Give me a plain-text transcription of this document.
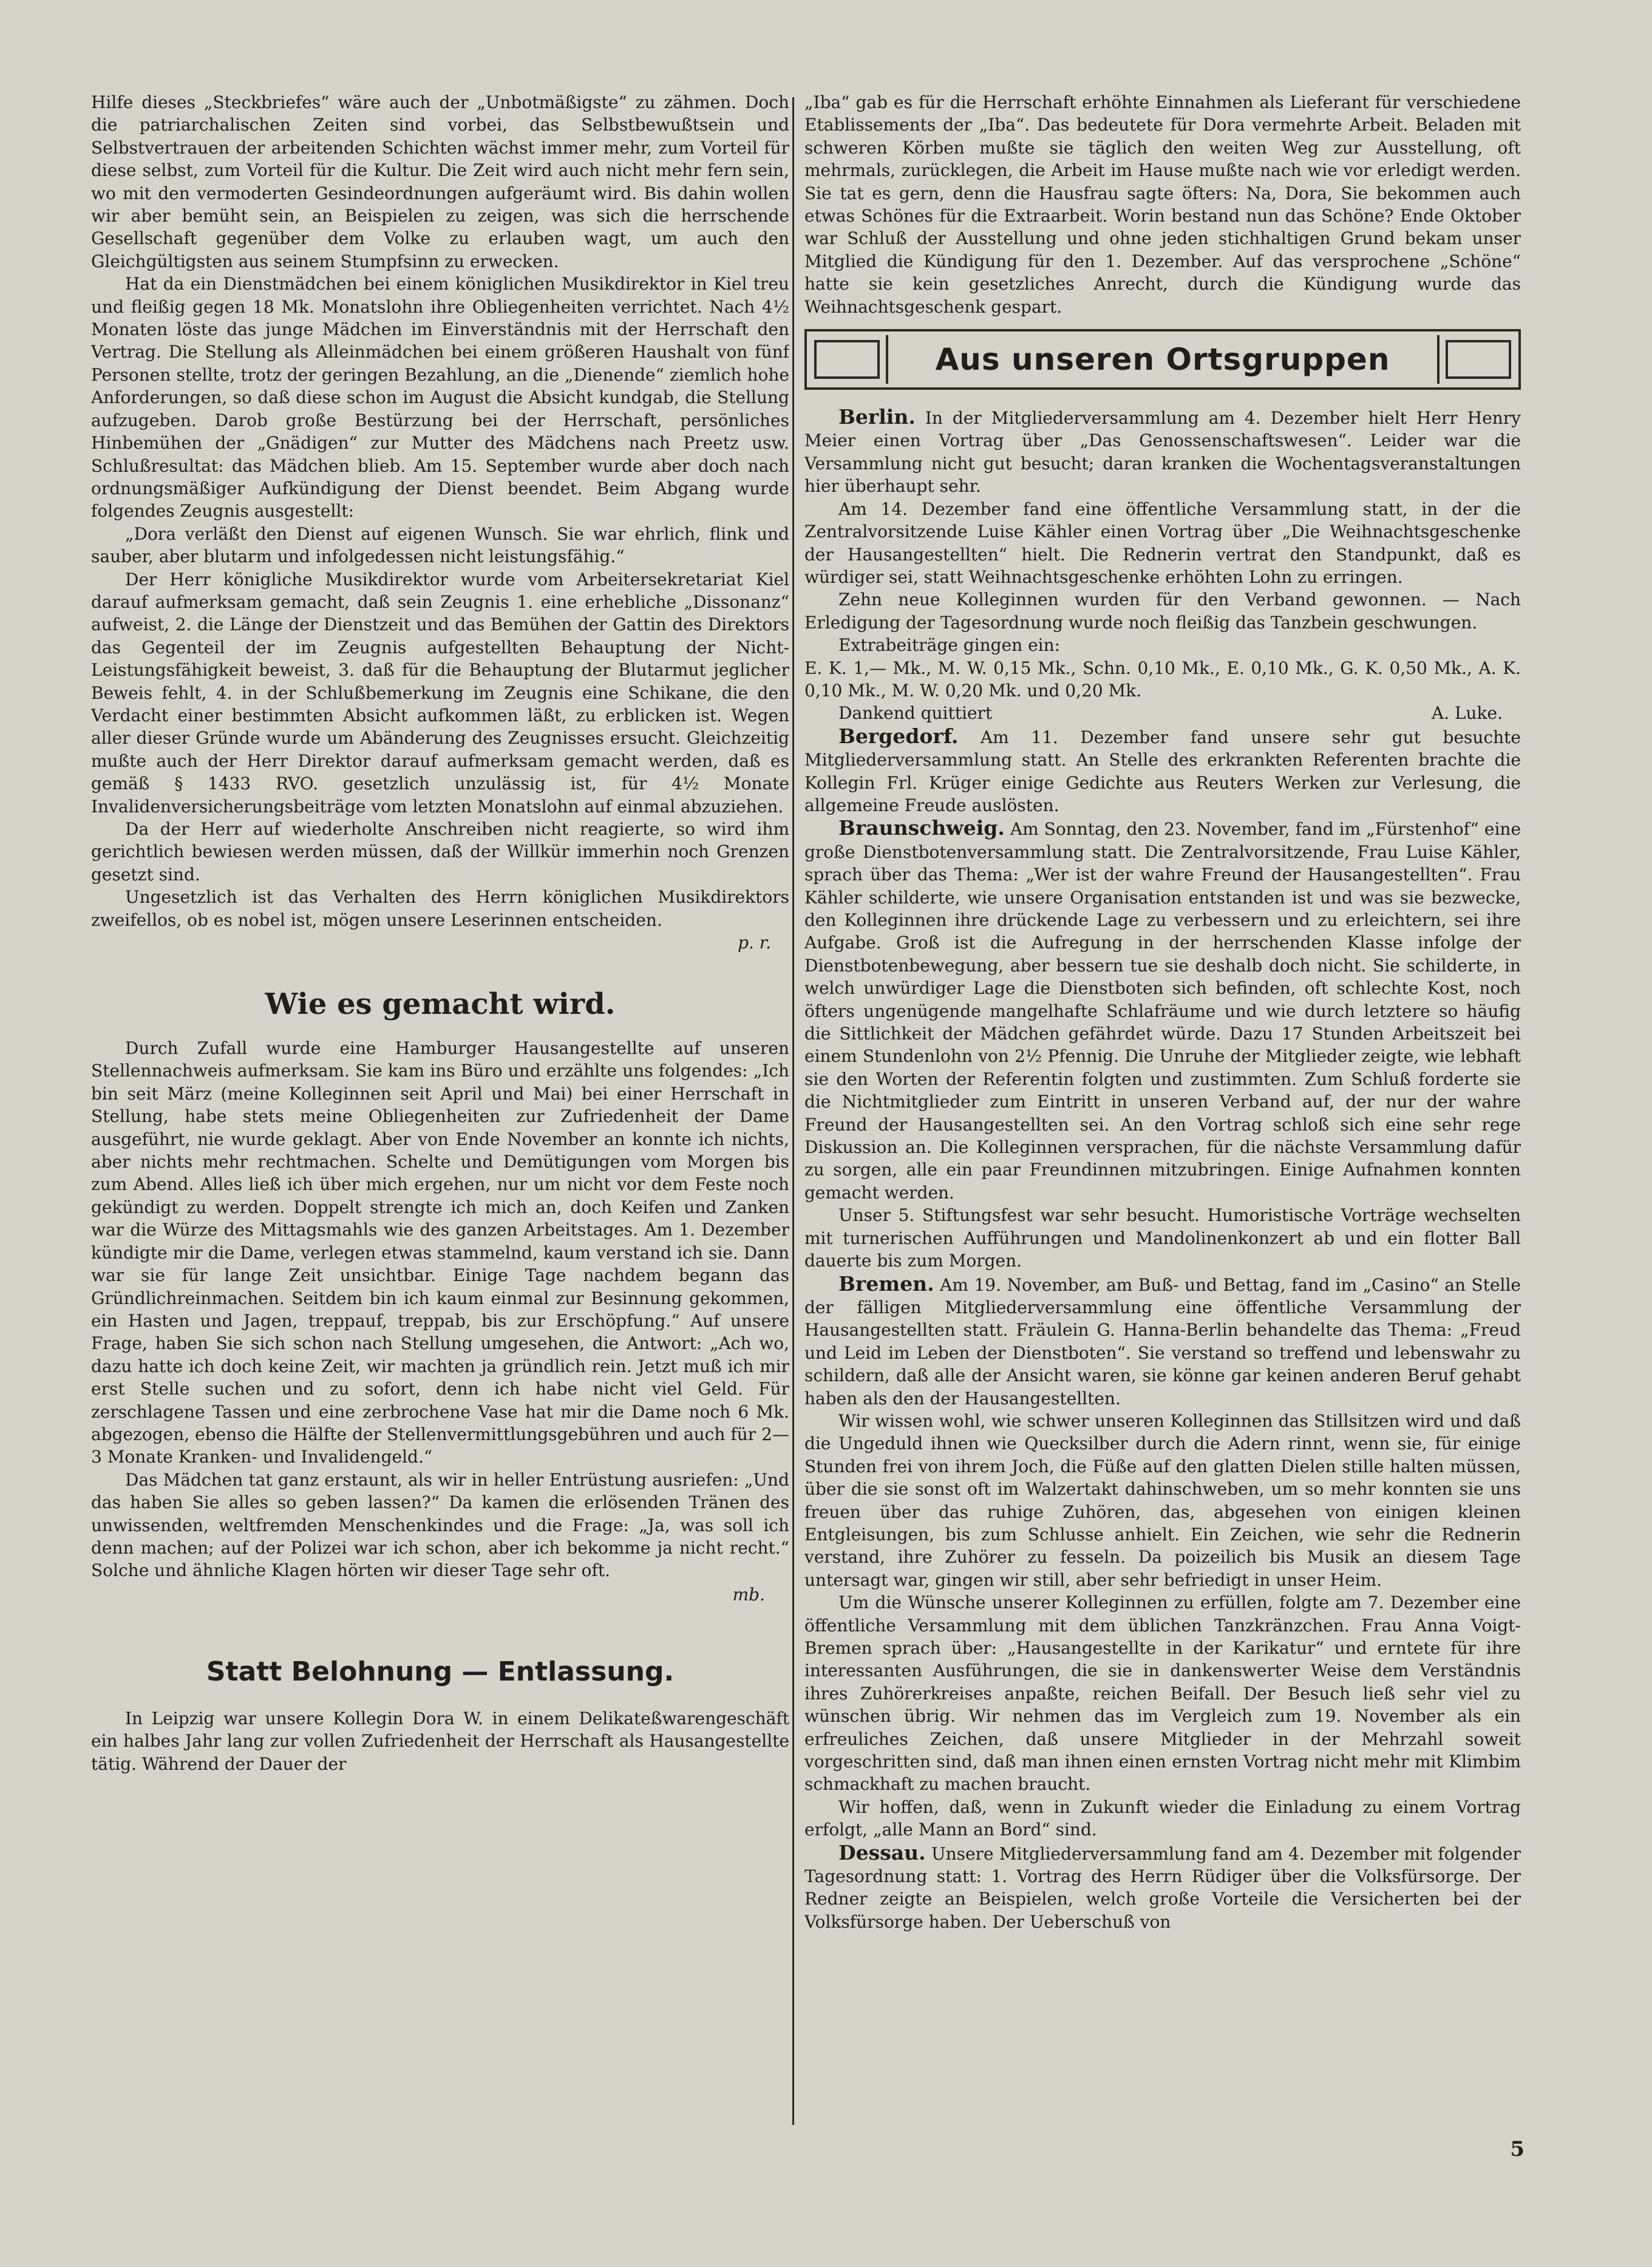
Hilfe dieses „Steckbriefes“ wäre auch der „Unbotmäßigste“ zu zähmen. Doch die patriarchalischen Zeiten sind vorbei, das Selbstbewußtsein und Selbstvertrauen der arbeitenden Schichten wächst immer mehr, zum Vorteil für diese selbst, zum Vorteil für die Kultur. Die Zeit wird auch nicht mehr fern sein, wo mit den vermoderten Gesindeordnungen aufgeräumt wird. Bis dahin wollen wir aber bemüht sein, an Beispielen zu zeigen, was sich die herrschende Gesellschaft gegenüber dem Volke zu erlauben wagt, um auch den Gleichgültigsten aus seinem Stumpfsinn zu erwecken.

Hat da ein Dienstmädchen bei einem königlichen Musikdirektor in Kiel treu und fleißig gegen 18 Mk. Monatslohn ihre Obliegenheiten verrichtet. Nach 4½ Monaten löste das junge Mädchen im Einverständnis mit der Herrschaft den Vertrag. Die Stellung als Alleinmädchen bei einem größeren Haushalt von fünf Personen stellte, trotz der geringen Bezahlung, an die „Dienende“ ziemlich hohe Anforderungen, so daß diese schon im August die Absicht kundgab, die Stellung aufzugeben. Darob große Bestürzung bei der Herrschaft, persönliches Hinbemühen der „Gnädigen“ zur Mutter des Mädchens nach Preetz usw. Schlußresultat: das Mädchen blieb. Am 15. September wurde aber doch nach ordnungsmäßiger Aufkündigung der Dienst beendet. Beim Abgang wurde folgendes Zeugnis ausgestellt:

„Dora verläßt den Dienst auf eigenen Wunsch. Sie war ehrlich, flink und sauber, aber blutarm und infolgedessen nicht leistungsfähig.“

Der Herr königliche Musikdirektor wurde vom Arbeitersekretariat Kiel darauf aufmerksam gemacht, daß sein Zeugnis 1. eine erhebliche „Dissonanz“ aufweist, 2. die Länge der Dienstzeit und das Bemühen der Gattin des Direktors das Gegenteil der im Zeugnis aufgestellten Behauptung der Nicht-Leistungsfähigkeit beweist, 3. daß für die Behauptung der Blutarmut jeglicher Beweis fehlt, 4. in der Schlußbemerkung im Zeugnis eine Schikane, die den Verdacht einer bestimmten Absicht aufkommen läßt, zu erblicken ist. Wegen aller dieser Gründe wurde um Abänderung des Zeugnisses ersucht. Gleichzeitig mußte auch der Herr Direktor darauf aufmerksam gemacht werden, daß es gemäß § 1433 RVO. gesetzlich unzulässig ist, für 4½ Monate Invalidenversicherungsbeiträge vom letzten Monatslohn auf einmal abzuziehen.

Da der Herr auf wiederholte Anschreiben nicht reagierte, so wird ihm gerichtlich bewiesen werden müssen, daß der Willkür immerhin noch Grenzen gesetzt sind.

Ungesetzlich ist das Verhalten des Herrn königlichen Musikdirektors zweifellos, ob es nobel ist, mögen unsere Leserinnen entscheiden.

p. r.
Wie es gemacht wird.

Durch Zufall wurde eine Hamburger Hausangestellte auf unseren Stellennachweis aufmerksam. Sie kam ins Büro und erzählte uns folgendes: „Ich bin seit März (meine Kolleginnen seit April und Mai) bei einer Herrschaft in Stellung, habe stets meine Obliegenheiten zur Zufriedenheit der Dame ausgeführt, nie wurde geklagt. Aber von Ende November an konnte ich nichts, aber nichts mehr rechtmachen. Schelte und Demütigungen vom Morgen bis zum Abend. Alles ließ ich über mich ergehen, nur um nicht vor dem Feste noch gekündigt zu werden. Doppelt strengte ich mich an, doch Keifen und Zanken war die Würze des Mittagsmahls wie des ganzen Arbeitstages. Am 1. Dezember kündigte mir die Dame, verlegen etwas stammelnd, kaum verstand ich sie. Dann war sie für lange Zeit unsichtbar. Einige Tage nachdem begann das Gründlichreinmachen. Seitdem bin ich kaum einmal zur Besinnung gekommen, ein Hasten und Jagen, treppauf, treppab, bis zur Erschöpfung.“ Auf unsere Frage, haben Sie sich schon nach Stellung umgesehen, die Antwort: „Ach wo, dazu hatte ich doch keine Zeit, wir machten ja gründlich rein. Jetzt muß ich mir erst Stelle suchen und zu sofort, denn ich habe nicht viel Geld. Für zerschlagene Tassen und eine zerbrochene Vase hat mir die Dame noch 6 Mk. abgezogen, ebenso die Hälfte der Stellenvermittlungsgebühren und auch für 2—3 Monate Kranken- und Invalidengeld.“

Das Mädchen tat ganz erstaunt, als wir in heller Entrüstung ausriefen: „Und das haben Sie alles so geben lassen?“ Da kamen die erlösenden Tränen des unwissenden, weltfremden Menschenkindes und die Frage: „Ja, was soll ich denn machen; auf der Polizei war ich schon, aber ich bekomme ja nicht recht.“ Solche und ähnliche Klagen hörten wir dieser Tage sehr oft.

mb.
Statt Belohnung — Entlassung.

In Leipzig war unsere Kollegin Dora W. in einem Delikateßwarengeschäft ein halbes Jahr lang zur vollen Zufriedenheit der Herrschaft als Hausangestellte tätig. Während der Dauer der

„Iba“ gab es für die Herrschaft erhöhte Einnahmen als Lieferant für verschiedene Etablissements der „Iba“. Das bedeutete für Dora vermehrte Arbeit. Beladen mit schweren Körben mußte sie täglich den weiten Weg zur Ausstellung, oft mehrmals, zurücklegen, die Arbeit im Hause mußte nach wie vor erledigt werden. Sie tat es gern, denn die Hausfrau sagte öfters: Na, Dora, Sie bekommen auch etwas Schönes für die Extraarbeit. Worin bestand nun das Schöne? Ende Oktober war Schluß der Ausstellung und ohne jeden stichhaltigen Grund bekam unser Mitglied die Kündigung für den 1. Dezember. Auf das versprochene „Schöne“ hatte sie kein gesetzliches Anrecht, durch die Kündigung wurde das Weihnachtsgeschenk gespart.

Aus unseren Ortsgruppen

Berlin. In der Mitgliederversammlung am 4. Dezember hielt Herr Henry Meier einen Vortrag über „Das Genossenschaftswesen“. Leider war die Versammlung nicht gut besucht; daran kranken die Wochentagsveranstaltungen hier überhaupt sehr.

Am 14. Dezember fand eine öffentliche Versammlung statt, in der die Zentralvorsitzende Luise Kähler einen Vortrag über „Die Weihnachtsgeschenke der Hausangestellten“ hielt. Die Rednerin vertrat den Standpunkt, daß es würdiger sei, statt Weihnachtsgeschenke erhöhten Lohn zu erringen.

Zehn neue Kolleginnen wurden für den Verband gewonnen. — Nach Erledigung der Tagesordnung wurde noch fleißig das Tanzbein geschwungen.

Extrabeiträge gingen ein:

E. K. 1,— Mk., M. W. 0,15 Mk., Schn. 0,10 Mk., E. 0,10 Mk., G. K. 0,50 Mk., A. K. 0,10 Mk., M. W. 0,20 Mk. und 0,20 Mk.

Dankend quittiert	A. Luke.

Bergedorf. Am 11. Dezember fand unsere sehr gut besuchte Mitgliederversammlung statt. An Stelle des erkrankten Referenten brachte die Kollegin Frl. Krüger einige Gedichte aus Reuters Werken zur Verlesung, die allgemeine Freude auslösten.

Braunschweig. Am Sonntag, den 23. November, fand im „Fürstenhof“ eine große Dienstbotenversammlung statt. Die Zentralvorsitzende, Frau Luise Kähler, sprach über das Thema: „Wer ist der wahre Freund der Hausangestellten“. Frau Kähler schilderte, wie unsere Organisation entstanden ist und was sie bezwecke, den Kolleginnen ihre drückende Lage zu verbessern und zu erleichtern, sei ihre Aufgabe. Groß ist die Aufregung in der herrschenden Klasse infolge der Dienstbotenbewegung, aber bessern tue sie deshalb doch nicht. Sie schilderte, in welch unwürdiger Lage die Dienstboten sich befinden, oft schlechte Kost, noch öfters ungenügende mangelhafte Schlafräume und wie durch letztere so häufig die Sittlichkeit der Mädchen gefährdet würde. Dazu 17 Stunden Arbeitszeit bei einem Stundenlohn von 2½ Pfennig. Die Unruhe der Mitglieder zeigte, wie lebhaft sie den Worten der Referentin folgten und zustimmten. Zum Schluß forderte sie die Nichtmitglieder zum Eintritt in unseren Verband auf, der nur der wahre Freund der Hausangestellten sei. An den Vortrag schloß sich eine sehr rege Diskussion an. Die Kolleginnen versprachen, für die nächste Versammlung dafür zu sorgen, alle ein paar Freundinnen mitzubringen. Einige Aufnahmen konnten gemacht werden.

Unser 5. Stiftungsfest war sehr besucht. Humoristische Vorträge wechselten mit turnerischen Aufführungen und Mandolinenkonzert ab und ein flotter Ball dauerte bis zum Morgen.

Bremen. Am 19. November, am Buß- und Bettag, fand im „Casino“ an Stelle der fälligen Mitgliederversammlung eine öffentliche Versammlung der Hausangestellten statt. Fräulein G. Hanna-Berlin behandelte das Thema: „Freud und Leid im Leben der Dienstboten“. Sie verstand so treffend und lebenswahr zu schildern, daß alle der Ansicht waren, sie könne gar keinen anderen Beruf gehabt haben als den der Hausangestellten.

Wir wissen wohl, wie schwer unseren Kolleginnen das Stillsitzen wird und daß die Ungeduld ihnen wie Quecksilber durch die Adern rinnt, wenn sie, für einige Stunden frei von ihrem Joch, die Füße auf den glatten Dielen stille halten müssen, über die sie sonst oft im Walzertakt dahinschweben, um so mehr konnten sie uns freuen über das ruhige Zuhören, das, abgesehen von einigen kleinen Entgleisungen, bis zum Schlusse anhielt. Ein Zeichen, wie sehr die Rednerin verstand, ihre Zuhörer zu fesseln. Da poizeilich bis Musik an diesem Tage untersagt war, gingen wir still, aber sehr befriedigt in unser Heim.

Um die Wünsche unserer Kolleginnen zu erfüllen, folgte am 7. Dezember eine öffentliche Versammlung mit dem üblichen Tanzkränzchen. Frau Anna Voigt-Bremen sprach über: „Hausangestellte in der Karikatur“ und erntete für ihre interessanten Ausführungen, die sie in dankenswerter Weise dem Verständnis ihres Zuhörerkreises anpaßte, reichen Beifall. Der Besuch ließ sehr viel zu wünschen übrig. Wir nehmen das im Vergleich zum 19. November als ein erfreuliches Zeichen, daß unsere Mitglieder in der Mehrzahl soweit vorgeschritten sind, daß man ihnen einen ernsten Vortrag nicht mehr mit Klimbim schmackhaft zu machen braucht.

Wir hoffen, daß, wenn in Zukunft wieder die Einladung zu einem Vortrag erfolgt, „alle Mann an Bord“ sind.

Dessau. Unsere Mitgliederversammlung fand am 4. Dezember mit folgender Tagesordnung statt: 1. Vortrag des Herrn Rüdiger über die Volksfürsorge. Der Redner zeigte an Beispielen, welch große Vorteile die Versicherten bei der Volksfürsorge haben. Der Ueberschuß von

5
